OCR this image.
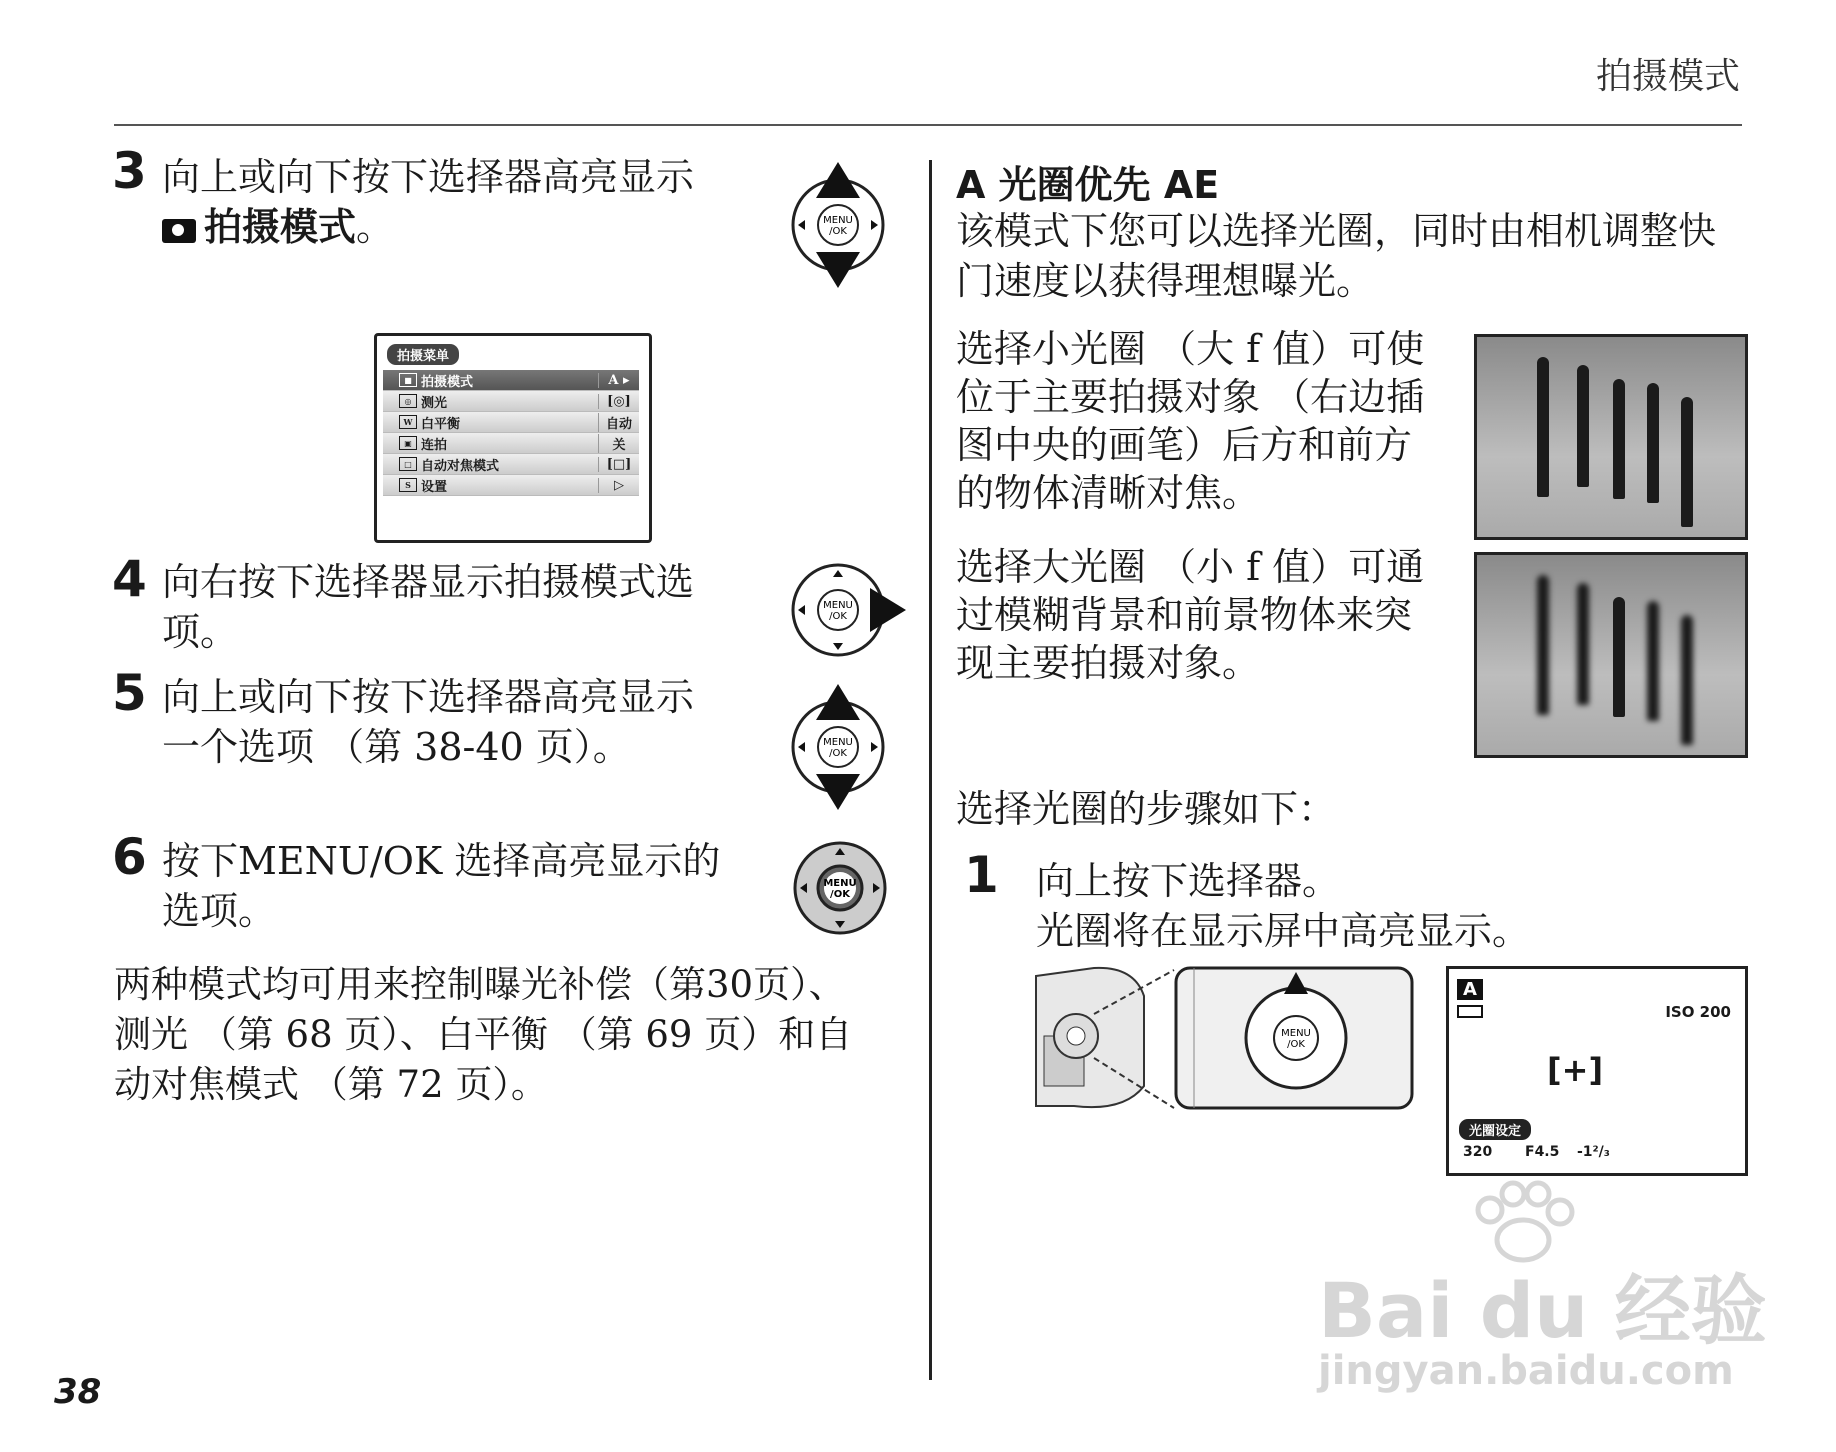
拍摄模式
3 向上或向下按下选择器高亮显示
拍摄模式。	MENU
/OK
拍摄菜单
■ 拍摄模式	A ▸
◎ 测光	[◎]
W 白平衡	自动
▣ 连拍	关
□ 自动对焦模式	[□]
S 设置	▷
4 向右按下选择器显示拍摄模式选
项。
MENU
/OK
5 向上或向下按下选择器高亮显示
一个选项 （第 38-40 页）。	MENU
/OK
6 按下MENU/OK 选择高亮显示的
选项。
MENU
/OK
两种模式均可用来控制曝光补偿（第30页）、
测光 （第 68 页）、白平衡 （第 69 页）和自
动对焦模式 （第 72 页）。
A 光圈优先 AE
该模式下您可以选择光圈，同时由相机调整快
门速度以获得理想曝光。
选择小光圈 （大 f 值）可使
位于主要拍摄对象 （右边插
图中央的画笔）后方和前方
的物体清晰对焦。
选择大光圈 （小 f 值）可通
过模糊背景和前景物体来突
现主要拍摄对象。
选择光圈的步骤如下：
1 向上按下选择器。
光圈将在显示屏中高亮显示。
MENU
/OK
A
ISO 200
[+]
光圈设定
320 F4.5 -1²/₃
Bai du 经验
jingyan.baidu.com
38
